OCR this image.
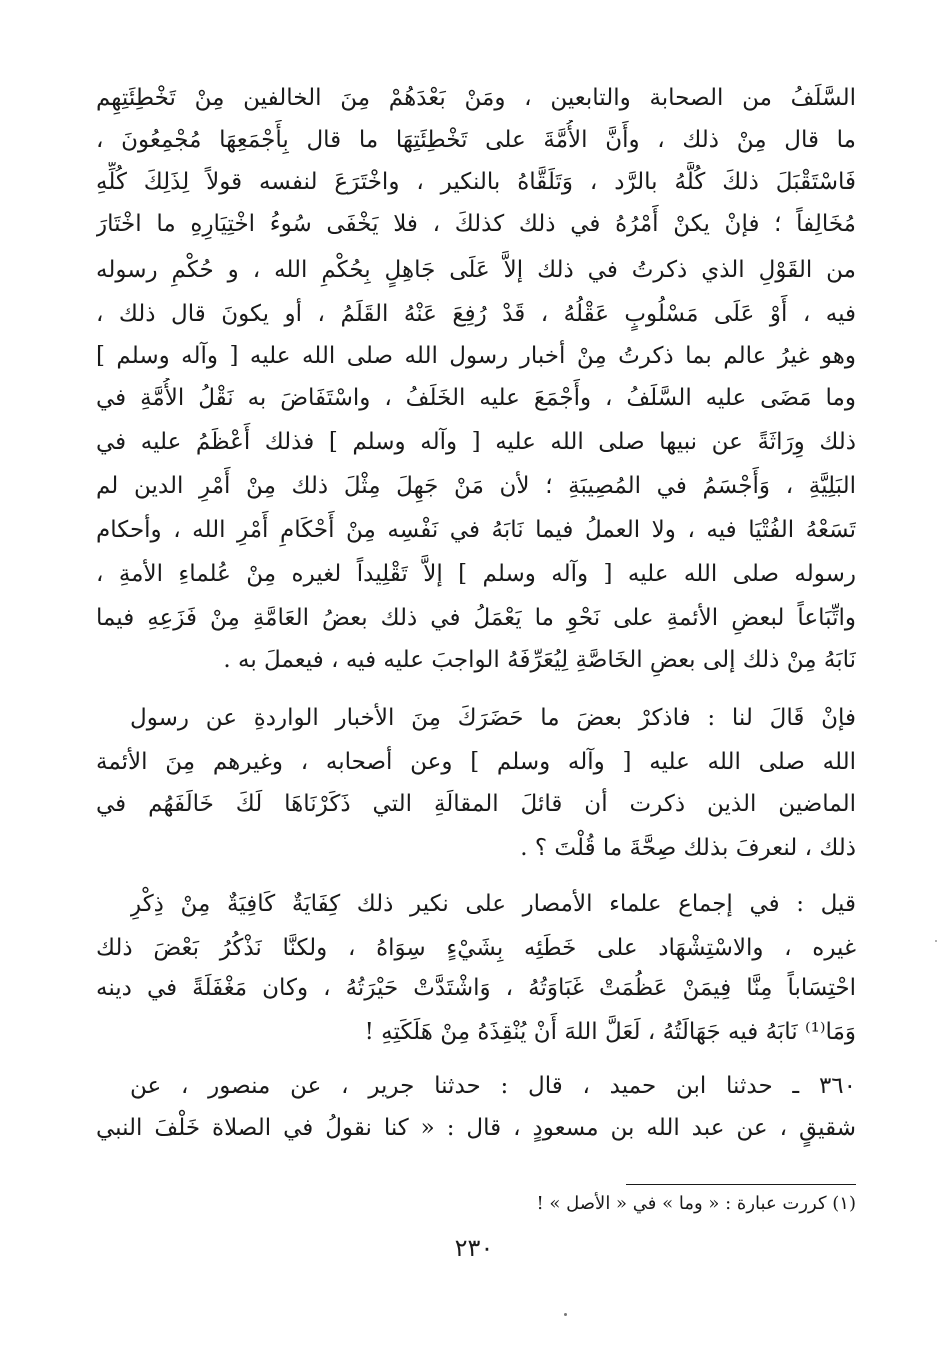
السَّلَفُ من الصحابة والتابعين ، ومَنْ بَعْدَهُمْ مِنَ الخالفين مِنْ تَخْطِئَتِهِم
ما قال مِنْ ذلك ، وأَنَّ الأُمَّةَ على تَخْطِئَتِهَا ما قال بِأَجْمَعِهَا مُجْمِعُونَ ،
فَاسْتَقْبَلَ ذلكَ كُلَّهُ بالرَّد ، وَتَلَقَّاهُ بالنكير ، واخْتَرَعَ لنفسه قولاً لِذَلِكَ كُلِّهِ
مُخَالِفاً ؛ فإنْ يكنْ أَمْرُهُ في ذلك كذلكَ ، فلا يَخْفَى سُوءُ اخْتِيَارِهِ ما اخْتَارَ
من القَوْلِ الذي ذكرتُ في ذلك إلاَّ عَلَى جَاهِلٍ بِحُكْمِ الله ، و حُكْمِ رسوله
فيه ، أَوْ عَلَى مَسْلُوبٍ عَقْلُهُ ، قَدْ رُفِعَ عَنْهُ القَلَمُ ، أو يكونَ قال ذلك ،
وهو غيرُ عالم بما ذكرتُ مِنْ أخبار رسول الله صلى الله عليه [ وآله وسلم ]
وما مَضَى عليه السَّلَفُ ، وأَجْمَعَ عليه الخَلَفُ ، واسْتَفَاضَ به نَقْلُ الأُمَّةِ في
ذلك وِرَاثَةً عن نبيها صلى الله عليه [ وآله وسلم ] فذلك أَعْظَمُ عليه في
البَلِيَّةِ ، وَأَجْسَمُ في المُصِيبَةِ ؛ لأن مَنْ جَهِلَ مِثْلَ ذلك مِنْ أَمْرِ الدين لم
تَسَعْهُ الفُتْيَا فيه ، ولا العملُ فيما نَابَهُ في نَفْسِه مِنْ أَحْكَامِ أَمْرِ الله ، وأحكام
رسوله صلى الله عليه [ وآله وسلم ] إلاَّ تَقْلِيداً لغيره مِنْ عُلماءِ الأمةِ ،
واتِّبَاعاً لبعضِ الأئمةِ على نَحْوِ ما يَعْمَلُ في ذلك بعضُ العَامَّةِ مِنْ فَزَعِهِ فيما
نَابَهُ مِنْ ذلك إلى بعضِ الخَاصَّةِ لِيُعَرِّفَهُ الواجبَ عليه فيه ، فيعملَ به .
فإنْ قَالَ لنا : فاذكرْ بعضَ ما حَضَرَكَ مِنَ الأخبار الواردةِ عن رسول
الله صلى الله عليه [ وآله وسلم ] وعن أصحابه ، وغيرهم مِنَ الأئمة
الماضين الذين ذكرت أن قائلَ المقالَةِ التي ذَكَرْنَاهَا لَكَ خَالَفَهُم في
ذلك ، لنعرفَ بذلك صِحَّةَ ما قُلْتَ ؟ .
قيل : في إجماع علماء الأمصار على نكير ذلك كِفَايَةٌ كَافِيَةٌ مِنْ ذِكْرِ
غيره ، والاسْتِشْهَاد على خَطَئِه بِشَيْءٍ سِوَاهُ ، ولكنَّا نَذْكُرُ بَعْضَ ذلك
احْتِسَاباً مِنَّا فِيمَنْ عَظُمَتْ غَبَاوَتُهُ ، وَاشْتَدَّتْ حَيْرَتُهُ ، وكان مَغْفَلَةً في دينه
وَمَا⁽¹⁾ نَابَهُ فيه جَهَالَتُهُ ، لَعَلَّ اللهَ أَنْ يُنْقِذَهُ مِنْ هَلَكَتِهِ !
٣٦٠ ـ حدثنا ابن حميد ، قال : حدثنا جرير ، عن منصور ، عن
شقيقٍ ، عن عبد الله بن مسعودٍ ، قال : « كنا نقولُ في الصلاة خَلْفَ النبي
(١) كررت عبارة : « وما » في « الأصل » !
٢٣٠
